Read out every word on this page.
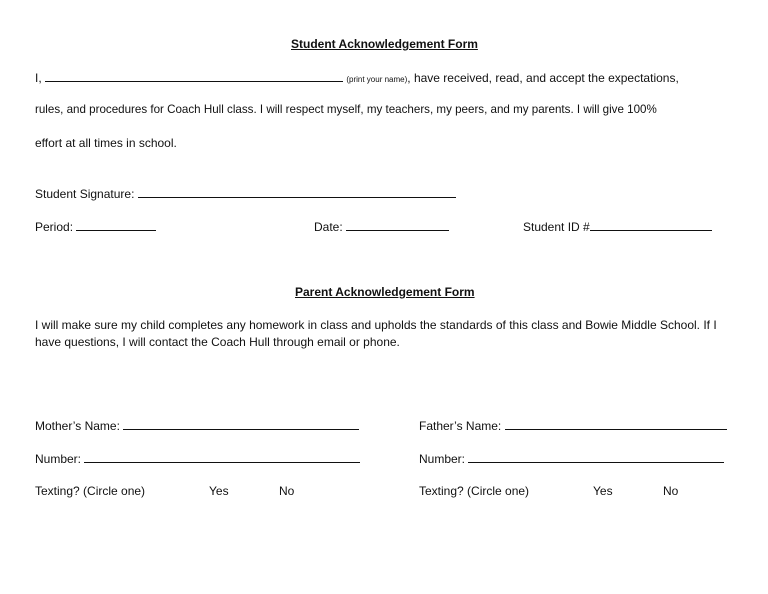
Student Acknowledgement Form
I,	(print your name), have received, read, and accept the expectations,
rules, and procedures for Coach Hull class. I will respect myself, my teachers, my peers, and my parents. I will give 100%
effort at all times in school.
Student Signature:
Period:	Date:	Student ID #
Parent Acknowledgement Form
I will make sure my child completes any homework in class and upholds the standards of this class and Bowie Middle School. If I have questions, I will contact the Coach Hull through email or phone.
Mother’s Name:	Father’s Name:
Number:	Number:
Texting? (Circle one)	Yes	No	Texting? (Circle one)	Yes	No
